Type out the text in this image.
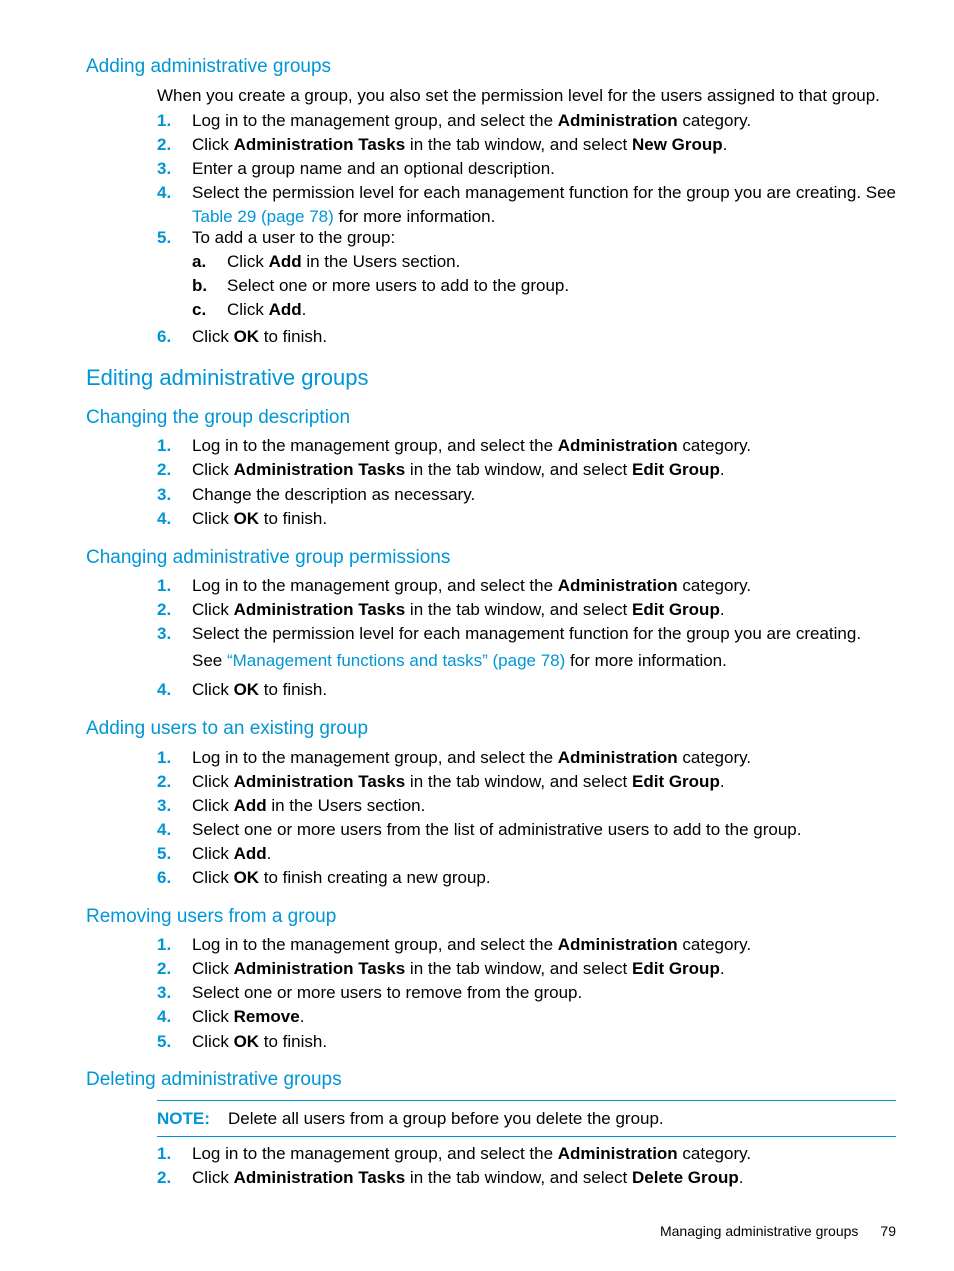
Adding administrative groups

When you create a group, you also set the permission level for the users assigned to that group.

1. Log in to the management group, and select the Administration category.
2. Click Administration Tasks in the tab window, and select New Group.
3. Enter a group name and an optional description.
4. Select the permission level for each management function for the group you are creating. See
Table 29 (page 78) for more information.
5. To add a user to the group:
a. Click Add in the Users section.
b. Select one or more users to add to the group.
c. Click Add.
6. Click OK to finish.
Editing administrative groups
Changing the group description
1. Log in to the management group, and select the Administration category.
2. Click Administration Tasks in the tab window, and select Edit Group.
3. Change the description as necessary.
4. Click OK to finish.
Changing administrative group permissions
1. Log in to the management group, and select the Administration category.
2. Click Administration Tasks in the tab window, and select Edit Group.
3. Select the permission level for each management function for the group you are creating.

See “Management functions and tasks” (page 78) for more information.

4. Click OK to finish.
Adding users to an existing group
1. Log in to the management group, and select the Administration category.
2. Click Administration Tasks in the tab window, and select Edit Group.
3. Click Add in the Users section.
4. Select one or more users from the list of administrative users to add to the group.
5. Click Add.
6. Click OK to finish creating a new group.
Removing users from a group
1. Log in to the management group, and select the Administration category.
2. Click Administration Tasks in the tab window, and select Edit Group.
3. Select one or more users to remove from the group.
4. Click Remove.
5. Click OK to finish.
Deleting administrative groups
NOTE: Delete all users from a group before you delete the group.
1. Log in to the management group, and select the Administration category.
2. Click Administration Tasks in the tab window, and select Delete Group.
Managing administrative groups 79
